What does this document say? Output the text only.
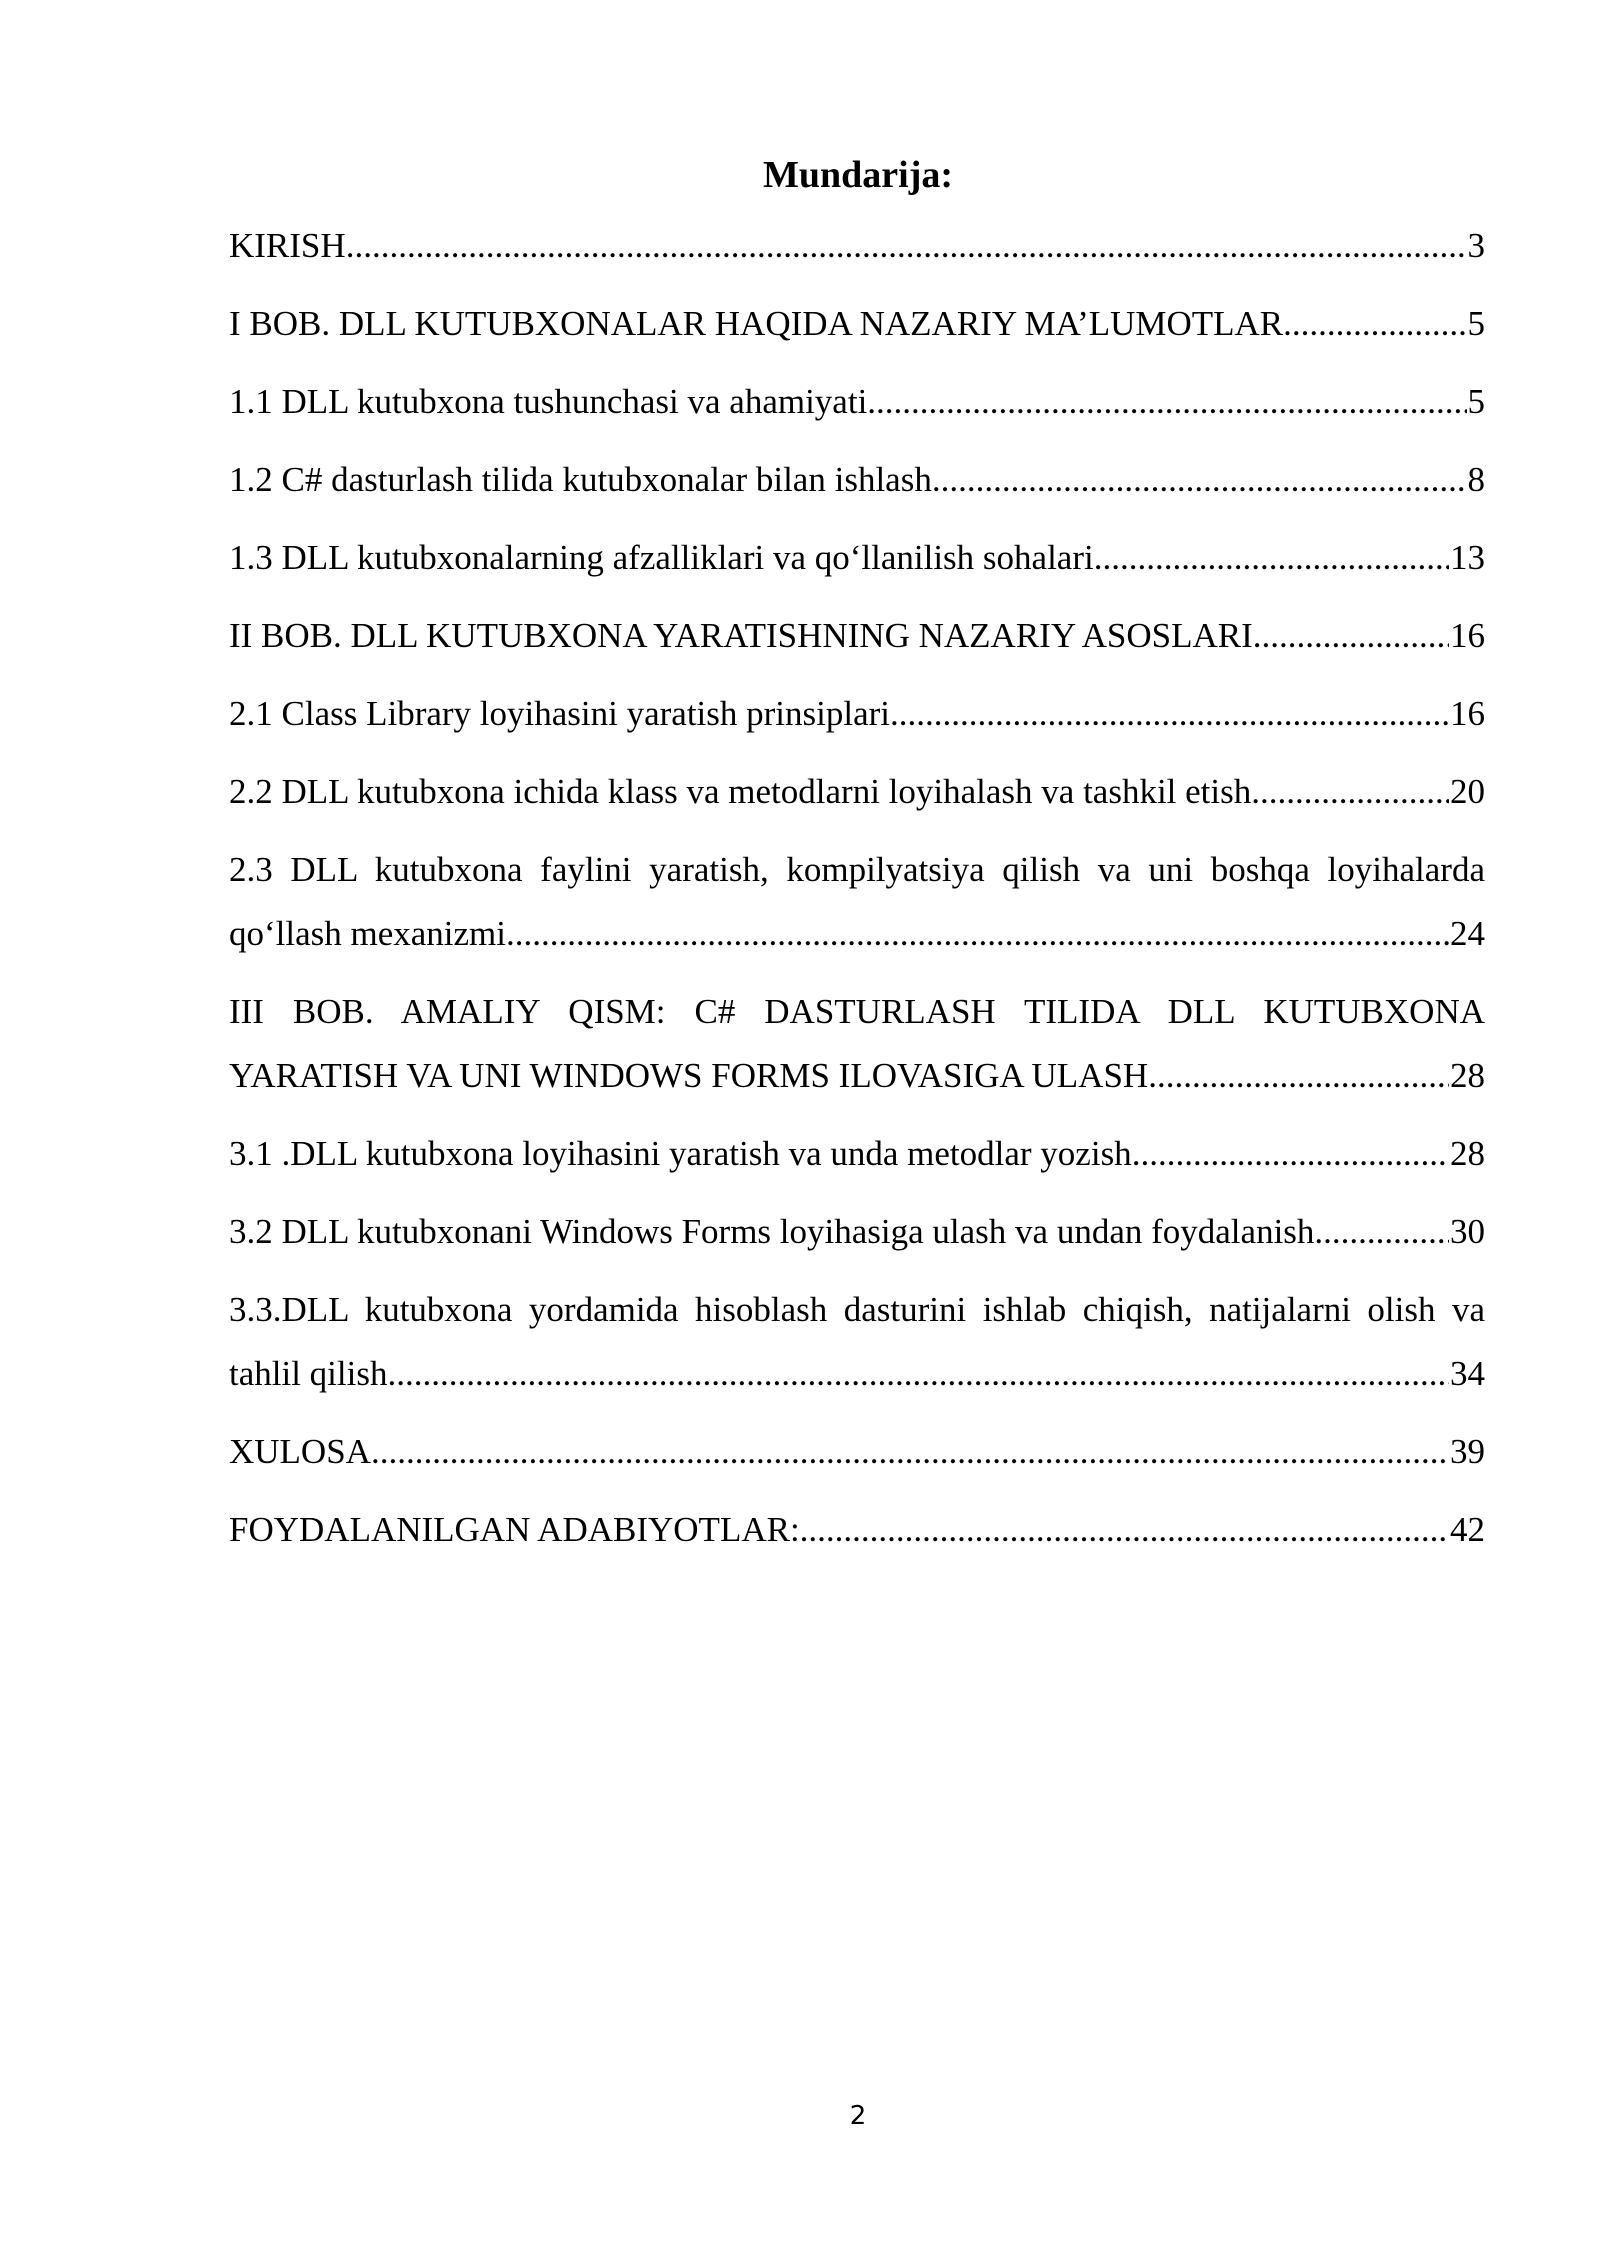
Mundarija:
KIRISH .....	3
I BOB. DLL KUTUBXONALAR HAQIDA NAZARIY MA’LUMOTLAR .....	5
1.1 DLL kutubxona tushunchasi va ahamiyati .....	5
1.2 C# dasturlash tilida kutubxonalar bilan ishlash .....	8
1.3 DLL kutubxonalarning afzalliklari va qo‘llanilish sohalari .....	13
II BOB. DLL KUTUBXONA YARATISHNING NAZARIY ASOSLARI .....	16
2.1 Class Library loyihasini yaratish prinsiplari .....	16
2.2 DLL kutubxona ichida klass va metodlarni loyihalash va tashkil etish .....	20
2.3 DLL kutubxona faylini yaratish, kompilyatsiya qilish va uni boshqa loyihalarda
qo‘llash mexanizmi .....	24
III BOB. AMALIY QISM: C# DASTURLASH TILIDA DLL KUTUBXONA
YARATISH VA UNI WINDOWS FORMS ILOVASIGA ULASH .....	28
3.1 .DLL kutubxona loyihasini yaratish va unda metodlar yozish .....	28
3.2 DLL kutubxonani Windows Forms loyihasiga ulash va undan foydalanish .....	30
3.3.DLL kutubxona yordamida hisoblash dasturini ishlab chiqish, natijalarni olish va
tahlil qilish .....	34
XULOSA .....	39
FOYDALANILGAN ADABIYOTLAR: .....	42
2
